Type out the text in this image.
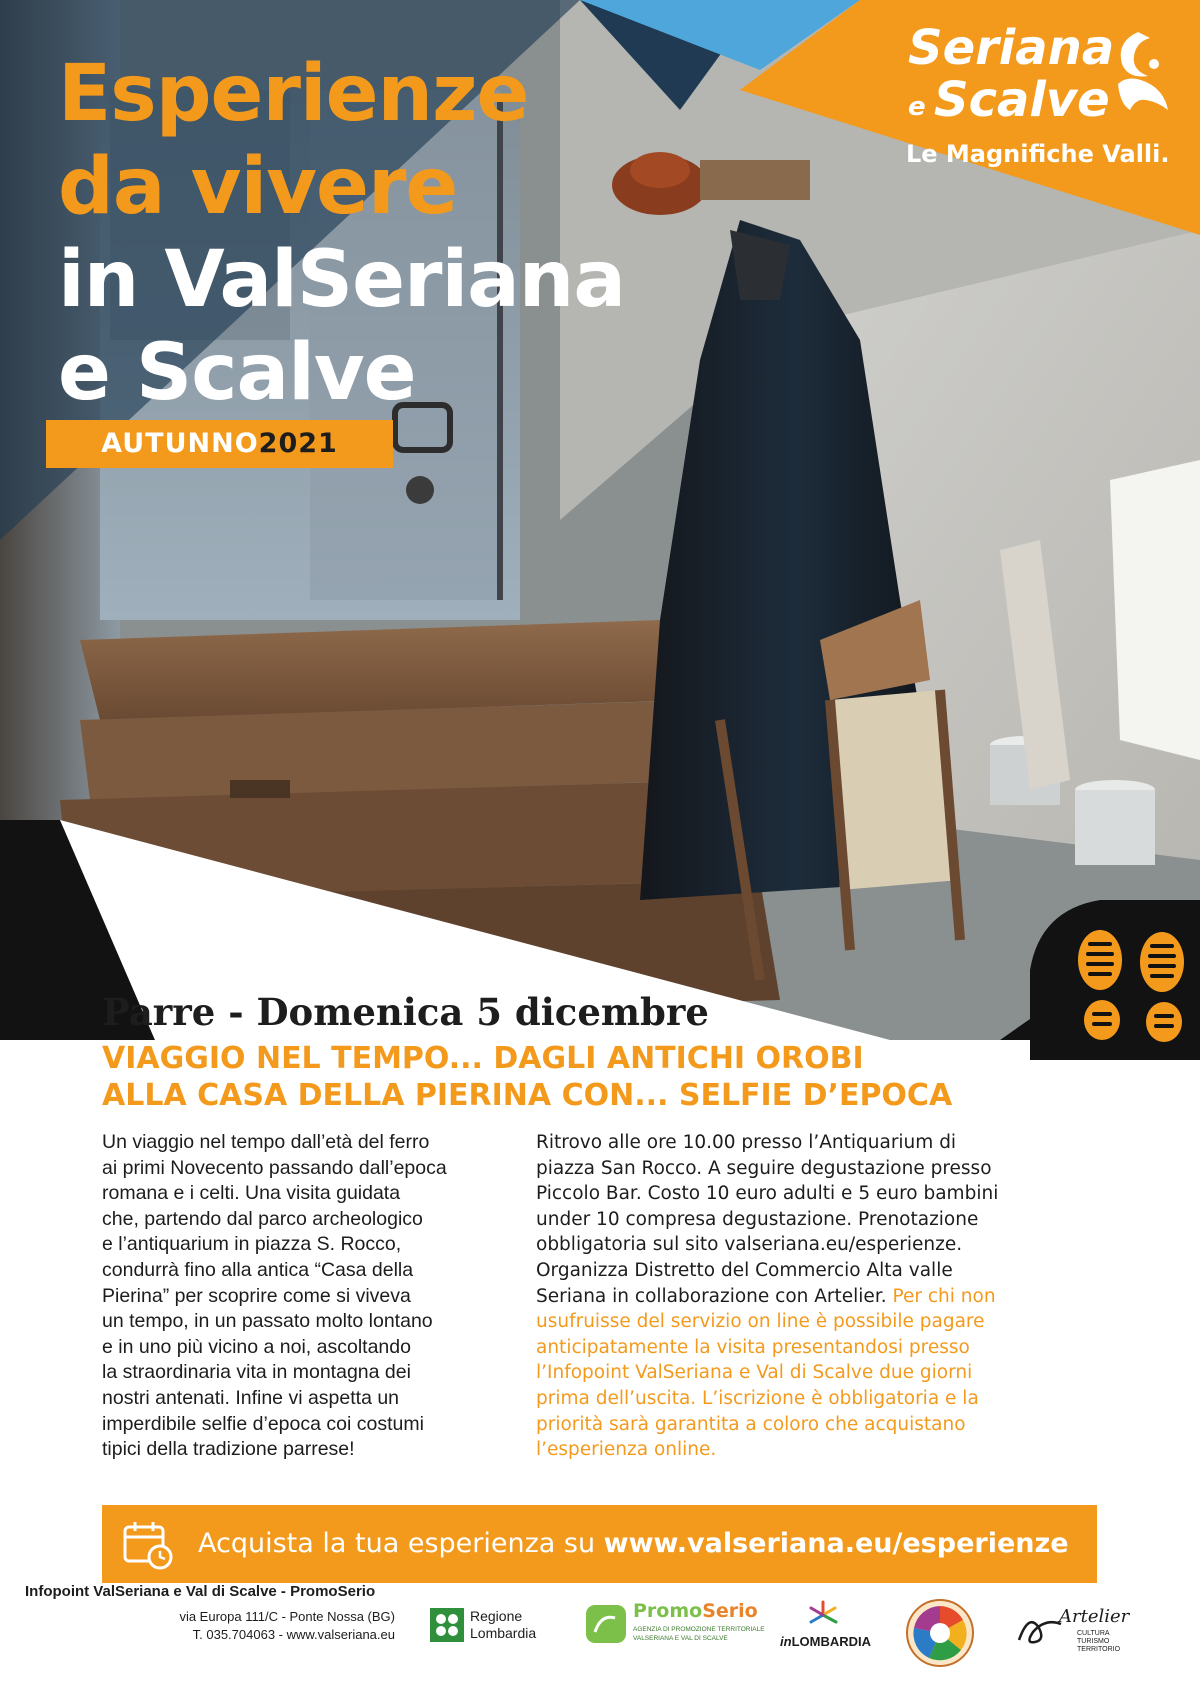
Esperienze
da vivere
in ValSeriana
e Scalve
AUTUNNO2021
Seriana
e Scalve
Le Magnifiche Valli.
Parre - Domenica 5 dicembre
VIAGGIO NEL TEMPO... DAGLI ANTICHI OROBI
ALLA CASA DELLA PIERINA CON... SELFIE D’EPOCA
Un viaggio nel tempo dall’età del ferro
ai primi Novecento passando dall’epoca
romana e i celti. Una visita guidata
che, partendo dal parco archeologico
e l’antiquarium in piazza S. Rocco,
condurrà fino alla antica “Casa della
Pierina” per scoprire come si viveva
un tempo, in un passato molto lontano
e in uno più vicino a noi, ascoltando
la straordinaria vita in montagna dei
nostri antenati. Infine vi aspetta un
imperdibile selfie d’epoca coi costumi
tipici della tradizione parrese!
Ritrovo alle ore 10.00 presso l’Antiquarium di
piazza San Rocco. A seguire degustazione presso
Piccolo Bar. Costo 10 euro adulti e 5 euro bambini
under 10 compresa degustazione. Prenotazione
obbligatoria sul sito valseriana.eu/esperienze.
Organizza Distretto del Commercio Alta valle
Seriana in collaborazione con Artelier. Per chi non
usufruisse del servizio on line è possibile pagare
anticipatamente la visita presentandosi presso
l’Infopoint ValSeriana e Val di Scalve due giorni
prima dell’uscita. L’iscrizione è obbligatoria e la
priorità sarà garantita a coloro che acquistano
l’esperienza online.
Acquista la tua esperienza su www.valseriana.eu/esperienze
Infopoint ValSeriana e Val di Scalve - PromoSerio
via Europa 111/C - Ponte Nossa (BG)
T. 035.704063 - www.valseriana.eu
Regione
Lombardia
PromoSerio
AGENZIA DI PROMOZIONE TERRITORIALE
VALSERIANA E VAL DI SCALVE	inLOMBARDIA
Artelier
CULTURA
TURISMO
TERRITORIO
